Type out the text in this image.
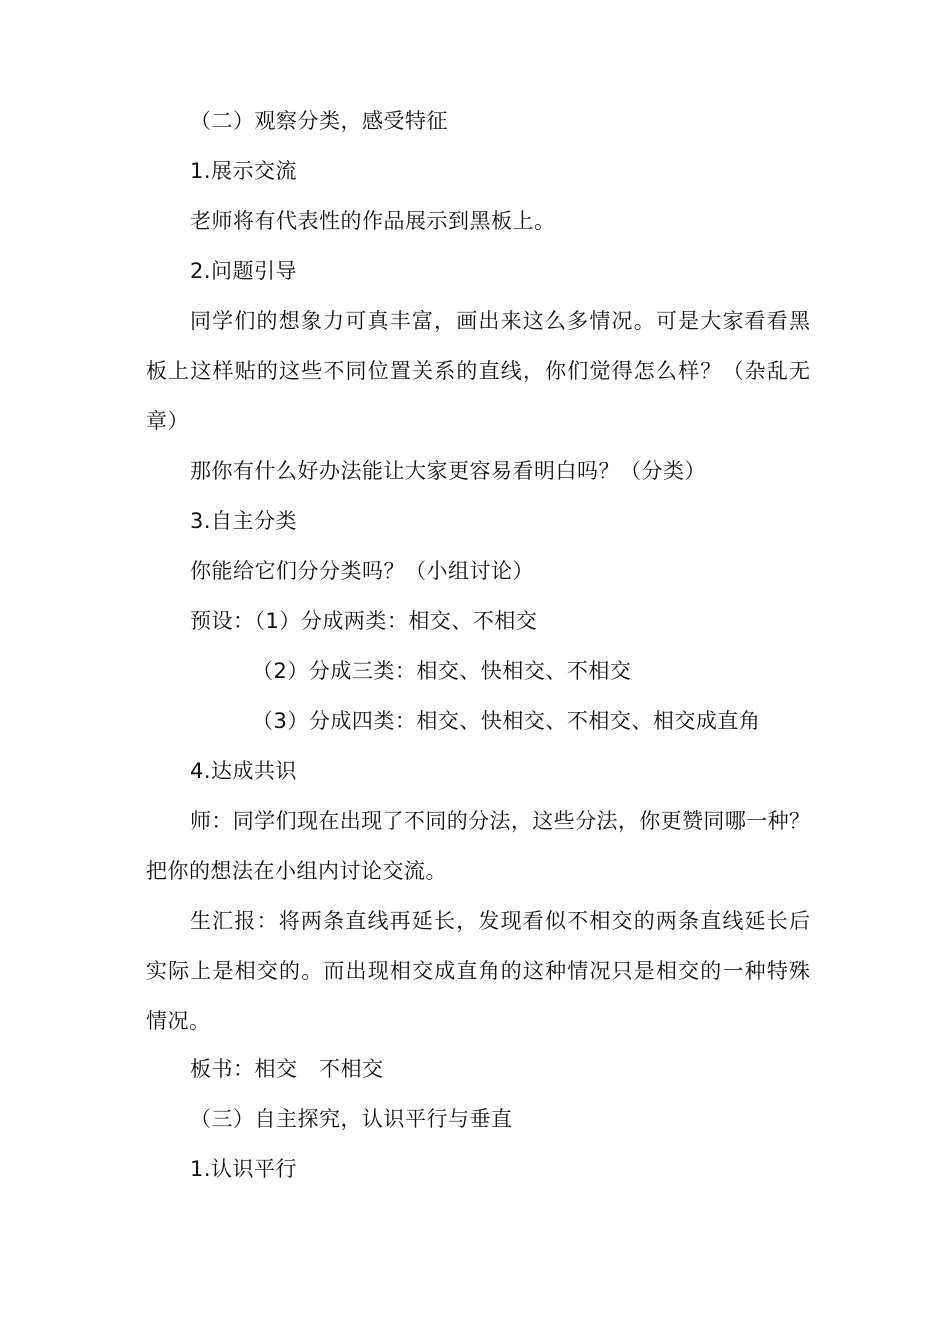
（二）观察分类，感受特征
1.展示交流
老师将有代表性的作品展示到黑板上。
2.问题引导
同学们的想象力可真丰富，画出来这么多情况。可是大家看看黑
板上这样贴的这些不同位置关系的直线，你们觉得怎么样？（杂乱无
章）
那你有什么好办法能让大家更容易看明白吗？（分类）
3.自主分类
你能给它们分分类吗？（小组讨论）
预设：（1）分成两类：相交、不相交
（2）分成三类：相交、快相交、不相交
（3）分成四类：相交、快相交、不相交、相交成直角
4.达成共识
师：同学们现在出现了不同的分法，这些分法，你更赞同哪一种？
把你的想法在小组内讨论交流。
生汇报：将两条直线再延长，发现看似不相交的两条直线延长后
实际上是相交的。而出现相交成直角的这种情况只是相交的一种特殊
情况。
板书：相交　不相交
（三）自主探究，认识平行与垂直
1.认识平行
